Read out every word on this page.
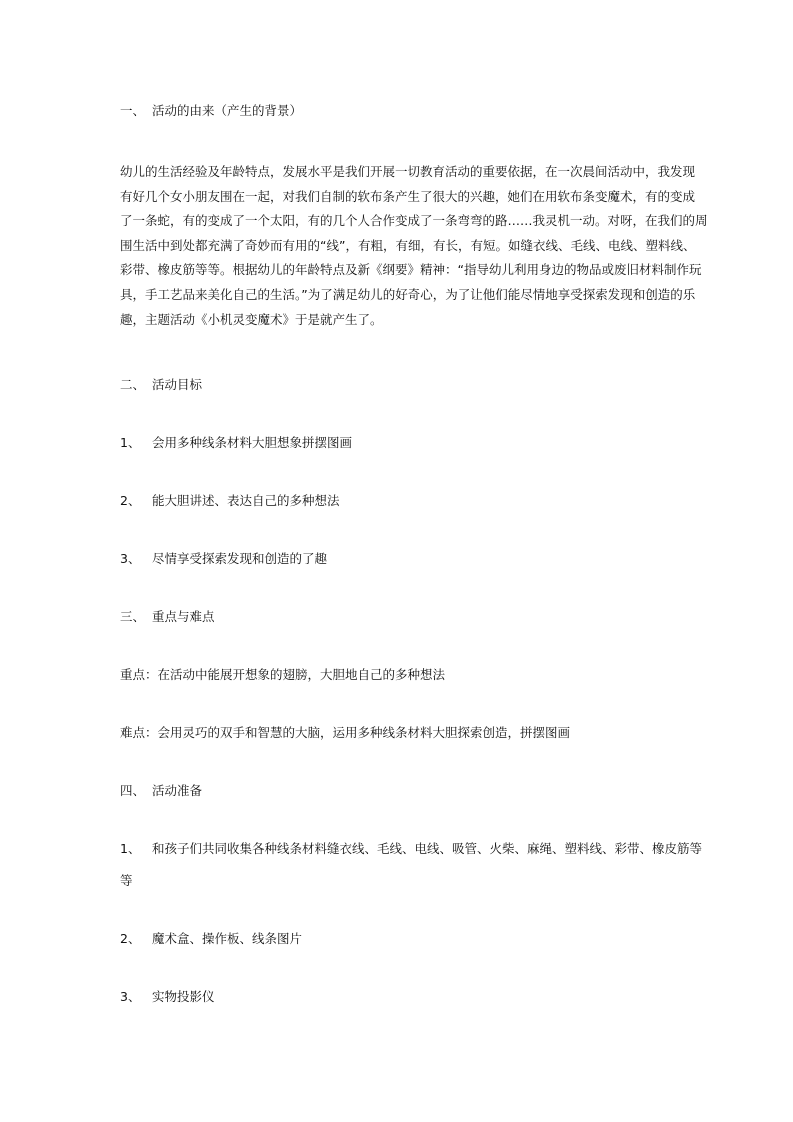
一、 活动的由来（产生的背景）

幼儿的生活经验及年龄特点，发展水平是我们开展一切教育活动的重要依据，在一次晨间活动中，我发现
有好几个女小朋友围在一起，对我们自制的软布条产生了很大的兴趣，她们在用软布条变魔术，有的变成
了一条蛇，有的变成了一个太阳，有的几个人合作变成了一条弯弯的路……我灵机一动。对呀，在我们的周
围生活中到处都充满了奇妙而有用的“线”，有粗，有细，有长，有短。如缝衣线、毛线、电线、塑料线、
彩带、橡皮筋等等。根据幼儿的年龄特点及新《纲要》精神：“指导幼儿利用身边的物品或废旧材料制作玩
具，手工艺品来美化自己的生活。”为了满足幼儿的好奇心，为了让他们能尽情地享受探索发现和创造的乐
趣，主题活动《小机灵变魔术》于是就产生了。

二、 活动目标
1、 会用多种线条材料大胆想象拼摆图画
2、 能大胆讲述、表达自己的多种想法
3、 尽情享受探索发现和创造的了趣
三、 重点与难点
重点：在活动中能展开想象的翅膀，大胆地自己的多种想法
难点：会用灵巧的双手和智慧的大脑，运用多种线条材料大胆探索创造，拼摆图画
四、 活动准备
1、 和孩子们共同收集各种线条材料缝衣线、毛线、电线、吸管、火柴、麻绳、塑料线、彩带、橡皮筋等
等
2、 魔术盒、操作板、线条图片
3、 实物投影仪
